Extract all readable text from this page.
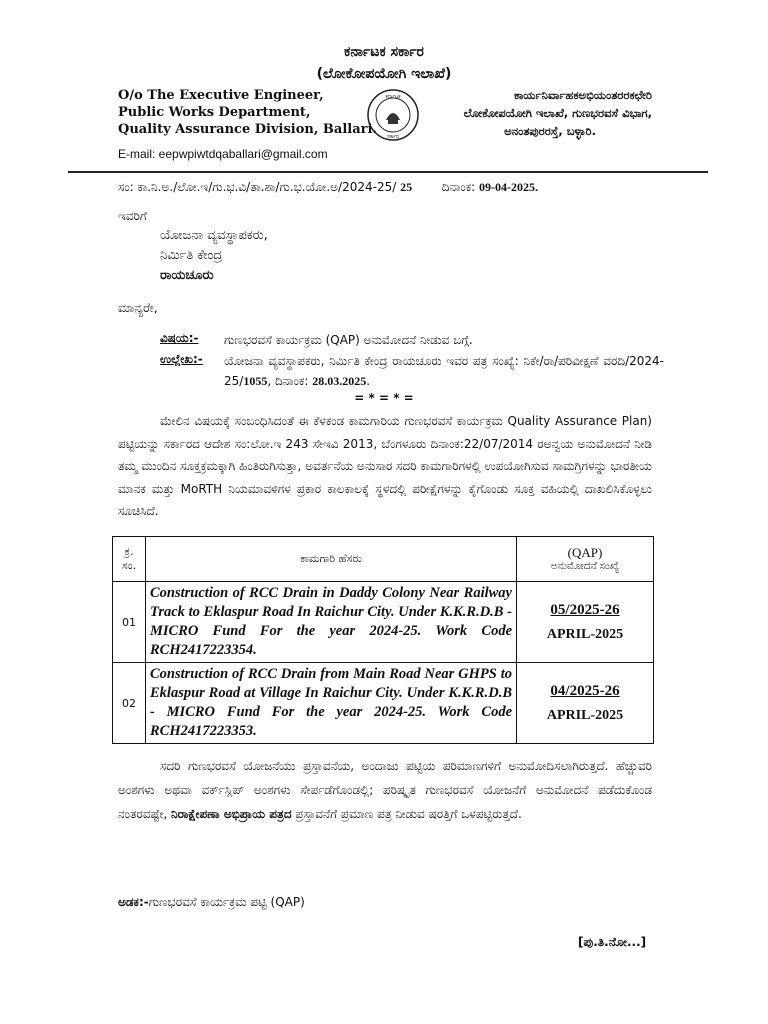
ಕರ್ನಾಟಕ ಸರ್ಕಾರ
(ಲೋಕೋಪಯೋಗಿ ಇಲಾಖೆ)
O/o The Executive Engineer,
Public Works Department,
Quality Assurance Division, Ballari.
ಕರ್ನಾಟಕ
ಸರ್ಕಾರ
ಕಾರ್ಯನಿರ್ವಾಹಕಅಭಿಯಂತರರಕಛೇರಿ
ಲೋಕೋಪಯೋಗಿ ಇಲಾಖೆ, ಗುಣಭರವಸೆ ವಿಭಾಗ,
ಅನಂತಪುರರಸ್ತೆ, ಬಳ್ಳಾರಿ.
E-mail: eepwpiwtdqaballari@gmail.com
ಸಂ: ಕಾ.ನಿ.ಅ./ಲೋ.ಇ/ಗು.ಭ.ವಿ/ತಾ.ಶಾ/ಗು.ಭ.ಯೋ.ಅ/2024-25/ 25 ದಿನಾಂಕ: 09-04-2025.
ಇವರಿಗೆ
ಯೋಜನಾ ವ್ಯವಸ್ಥಾಪಕರು,
ನಿರ್ಮಿತಿ ಕೇಂದ್ರ
ರಾಯಚೂರು
ಮಾನ್ಯರೇ,
ವಿಷಯ:- ಗುಣಭರವಸೆ ಕಾರ್ಯಕ್ರಮ (QAP) ಅನುಮೋದನೆ ನೀಡುವ ಬಗ್ಗೆ.
ಉಲ್ಲೇಖ:- ಯೋಜನಾ ವ್ಯವಸ್ಥಾಪಕರು, ನಿರ್ಮಿತಿ ಕೇಂದ್ರ ರಾಯಚೂರು ಇವರ ಪತ್ರ ಸಂಖ್ಯೆ: ನಿಕೇ/ರಾ/ಪರಿವೀಕ್ಷಣೆ ವರದಿ/2024-25/1055, ದಿನಾಂಕ: 28.03.2025.
= * = * =
ಮೇಲಿನ ವಿಷಯಕ್ಕೆ ಸಂಬಂಧಿಸಿದಂತೆ ಈ ಕೆಳಕಂಡ ಕಾಮಗಾರಿಯ ಗುಣಭರವಸೆ ಕಾರ್ಯಕ್ರಮ Quality Assurance Plan) ಪಟ್ಟಿಯನ್ನು ಸರ್ಕಾರದ ಆದೇಶ ಸಂ:ಲೋ.ಇ 243 ಸೇಇವಿ 2013, ಬೆಂಗಳೂರು ದಿನಾಂಕ:22/07/2014 ರಅನ್ವಯ ಅನುಮೋದನೆ ನೀಡಿ ತಮ್ಮ ಮುಂದಿನ ಸೂಕ್ತಕ್ರಮಕ್ಕಾಗಿ ಹಿಂತಿರುಗಿಸುತ್ತಾ, ಅವರ್ತನೆಯ ಅನುಸಾರ ಸದರಿ ಕಾಮಗಾರಿಗಳಲ್ಲಿ ಉಪಯೋಗಿಸುವ ಸಾಮಗ್ರಿಗಳನ್ನು ಭಾರತೀಯ ಮಾನಕ ಮತ್ತು MoRTH ನಿಯಮಾವಳಿಗಳ ಪ್ರಕಾರ ಕಾಲಕಾಲಕ್ಕೆ ಸ್ಥಳದಲ್ಲಿ ಪರೀಕ್ಷೆಗಳನ್ನು ಕೈಗೊಂಡು ಸೂಕ್ತ ವಹಿಯಲ್ಲಿ ದಾಖಲಿಸಿಕೊಳ್ಳಲು ಸೂಚಿಸಿದೆ.
ಕ್ರ. ಸಂ.	ಕಾಮಗಾರಿ ಹೆಸರು	(QAP)
ಅನುಮೋದನೆ ಸಂಖ್ಯೆ

01	Construction of RCC Drain in Daddy Colony Near Railway Track to Eklaspur Road In Raichur City. Under K.K.R.D.B - MICRO Fund For the year 2024-25. Work Code RCH2417223354.	05/2025-26
APRIL-2025

02	Construction of RCC Drain from Main Road Near GHPS to Eklaspur Road at Village In Raichur City. Under K.K.R.D.B - MICRO Fund For the year 2024-25. Work Code RCH2417223353.	04/2025-26
APRIL-2025
ಸದರಿ ಗುಣಭರವಸೆ ಯೋಜನೆಯು ಪ್ರಸ್ತಾವನೆಯ, ಅಂದಾಜು ಪಟ್ಟಿಯ ಪರಿಮಾಣಗಳಿಗೆ ಅನುಮೋದಿಸಲಾಗಿರುತ್ತದೆ. ಹೆಚ್ಚುವರಿ ಅಂಶಗಳು ಅಥವಾ ವರ್ಕ್‌ಸ್ಲಿಪ್ ಅಂಶಗಳು ಸೇರ್ಪಡೆಗೊಂಡಲ್ಲಿ; ಪರಿಷ್ಕೃತ ಗುಣಭರವಸೆ ಯೋಜನೆಗೆ ಅನುಮೋದನೆ ಪಡೆದುಕೊಂಡ ನಂತರವಷ್ಟೇ, ನಿರಾಕ್ಷೇಪಣಾ ಅಭಿಪ್ರಾಯ ಪತ್ರದ ಪ್ರಸ್ತಾವನೆಗೆ ಪ್ರಮಾಣ ಪತ್ರ ನೀಡುವ ಷರತ್ತಿಗೆ ಒಳಪಟ್ಟಿರುತ್ತದೆ.
ಅಡಕ:-ಗುಣಭರವಸೆ ಕಾರ್ಯಕ್ರಮ ಪಟ್ಟಿ (QAP)
[ಪು.ತಿ.ನೋ...]
